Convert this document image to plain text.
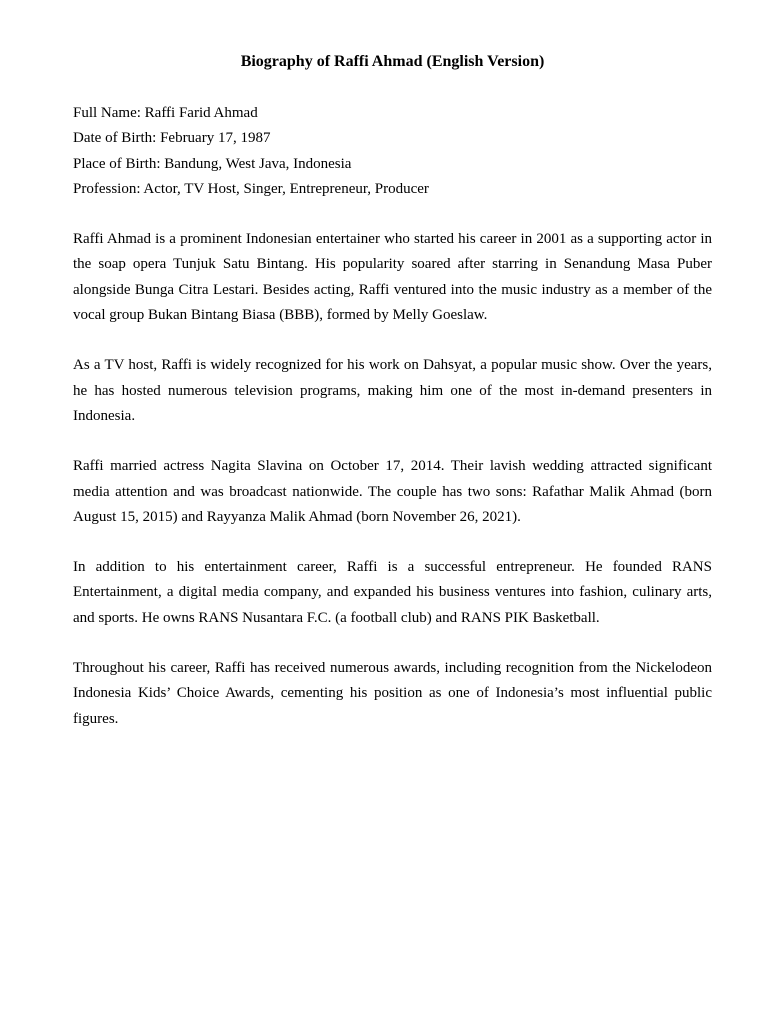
Biography of Raffi Ahmad (English Version)
Full Name: Raffi Farid Ahmad
Date of Birth: February 17, 1987
Place of Birth: Bandung, West Java, Indonesia
Profession: Actor, TV Host, Singer, Entrepreneur, Producer

Raffi Ahmad is a prominent Indonesian entertainer who started his career in 2001 as a supporting actor in the soap opera Tunjuk Satu Bintang. His popularity soared after starring in Senandung Masa Puber alongside Bunga Citra Lestari. Besides acting, Raffi ventured into the music industry as a member of the vocal group Bukan Bintang Biasa (BBB), formed by Melly Goeslaw.

As a TV host, Raffi is widely recognized for his work on Dahsyat, a popular music show. Over the years, he has hosted numerous television programs, making him one of the most in-demand presenters in Indonesia.

Raffi married actress Nagita Slavina on October 17, 2014. Their lavish wedding attracted significant media attention and was broadcast nationwide. The couple has two sons: Rafathar Malik Ahmad (born August 15, 2015) and Rayyanza Malik Ahmad (born November 26, 2021).

In addition to his entertainment career, Raffi is a successful entrepreneur. He founded RANS Entertainment, a digital media company, and expanded his business ventures into fashion, culinary arts, and sports. He owns RANS Nusantara F.C. (a football club) and RANS PIK Basketball.

Throughout his career, Raffi has received numerous awards, including recognition from the Nickelodeon Indonesia Kids’ Choice Awards, cementing his position as one of Indonesia’s most influential public figures.
